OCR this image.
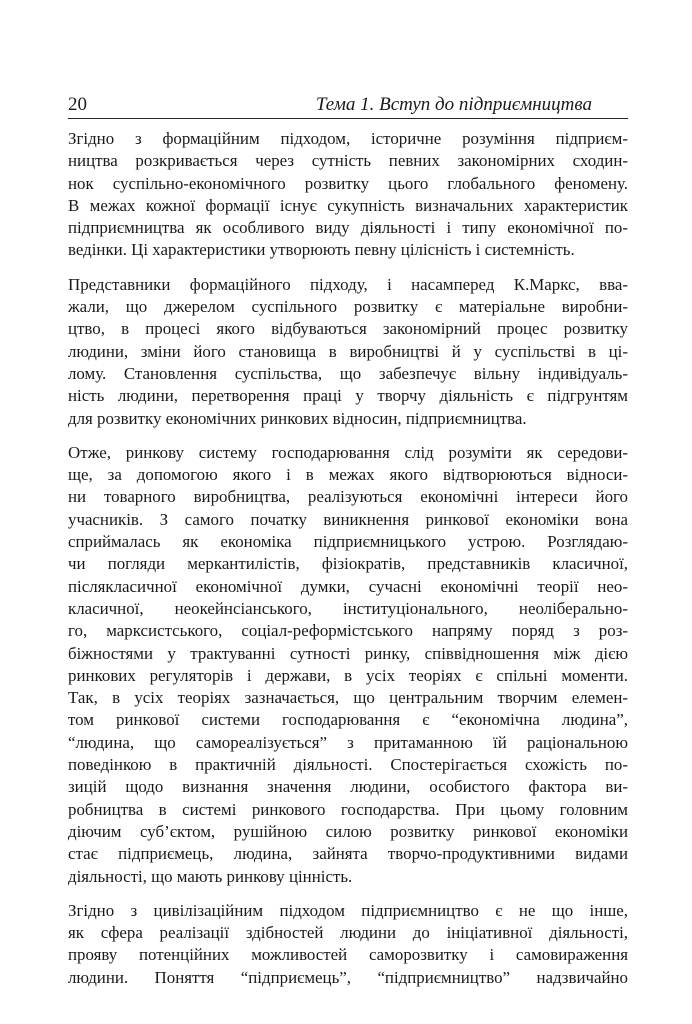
20	Тема 1. Вступ до підприємництва

Згідно з формаційним підходом, історичне розуміння підприєм-
ництва розкривається через сутність певних закономірних сходин-
нок суспільно-економічного розвитку цього глобального феномену.
В межах кожної формації існує сукупність визначальних характеристик
підприємництва як особливого виду діяльності і типу економічної по-
ведінки. Ці характеристики утворюють певну цілісність і системність.

Представники формаційного підходу, і насамперед К.Маркс, вва-
жали, що джерелом суспільного розвитку є матеріальне виробни-
цтво, в процесі якого відбуваються закономірний процес розвитку
людини, зміни його становища в виробництві й у суспільстві в ці-
лому. Становлення суспільства, що забезпечує вільну індивідуаль-
ність людини, перетворення праці у творчу діяльність є підгрунтям
для розвитку економічних ринкових відносин, підприємництва.

Отже, ринкову систему господарювання слід розуміти як середови-
ще, за допомогою якого і в межах якого відтворюються відноси-
ни товарного виробництва, реалізуються економічні інтереси його
учасників. З самого початку виникнення ринкової економіки вона
сприймалась як економіка підприємницького устрою. Розглядаю-
чи погляди меркантилістів, фізіократів, представників класичної,
післякласичної економічної думки, сучасні економічні теорії нео-
класичної, неокейнсіанського, інституціонального, неоліберально-
го, марксистського, соціал-реформістського напряму поряд з роз-
біжностями у трактуванні сутності ринку, співвідношення між дією
ринкових регуляторів і держави, в усіх теоріях є спільні моменти.
Так, в усіх теоріях зазначається, що центральним творчим елемен-
том ринкової системи господарювання є “економічна людина”,
“людина, що самореалізується” з притаманною їй раціональною
поведінкою в практичній діяльності. Спостерігається схожість по-
зицій щодо визнання значення людини, особистого фактора ви-
робництва в системі ринкового господарства. При цьому головним
діючим суб’єктом, рушійною силою розвитку ринкової економіки
стає підприємець, людина, зайнята творчо-продуктивними видами
діяльності, що мають ринкову цінність.

Згідно з цивілізаційним підходом підприємництво є не що інше,
як сфера реалізації здібностей людини до ініціативної діяльності,
прояву потенційних можливостей саморозвитку і самовираження
людини. Поняття “підприємець”, “підприємництво” надзвичайно
